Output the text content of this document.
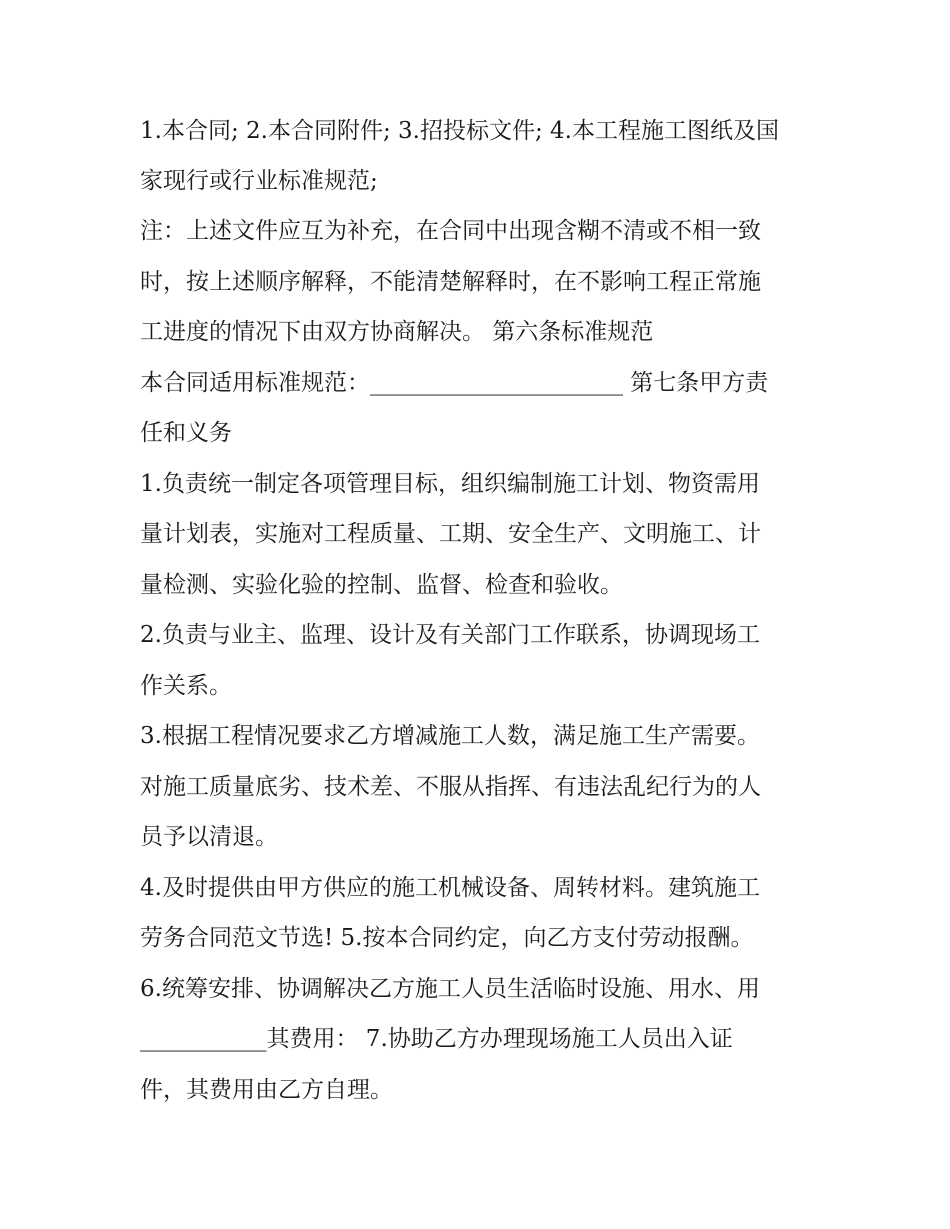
1.本合同; 2.本合同附件; 3.招投标文件; 4.本工程施工图纸及国
家现行或行业标准规范;
注：上述文件应互为补充，在合同中出现含糊不清或不相一致
时，按上述顺序解释，不能清楚解释时，在不影响工程正常施
工进度的情况下由双方协商解决。 第六条标准规范
本合同适用标准规范：______________________ 第七条甲方责
任和义务
1.负责统一制定各项管理目标，组织编制施工计划、物资需用
量计划表，实施对工程质量、工期、安全生产、文明施工、计
量检测、实验化验的控制、监督、检查和验收。
2.负责与业主、监理、设计及有关部门工作联系，协调现场工
作关系。
3.根据工程情况要求乙方增减施工人数，满足施工生产需要。
对施工质量底劣、技术差、不服从指挥、有违法乱纪行为的人
员予以清退。
4.及时提供由甲方供应的施工机械设备、周转材料。建筑施工
劳务合同范文节选! 5.按本合同约定，向乙方支付劳动报酬。
6.统筹安排、协调解决乙方施工人员生活临时设施、用水、用
___________其费用： 7.协助乙方办理现场施工人员出入证
件，其费用由乙方自理。
